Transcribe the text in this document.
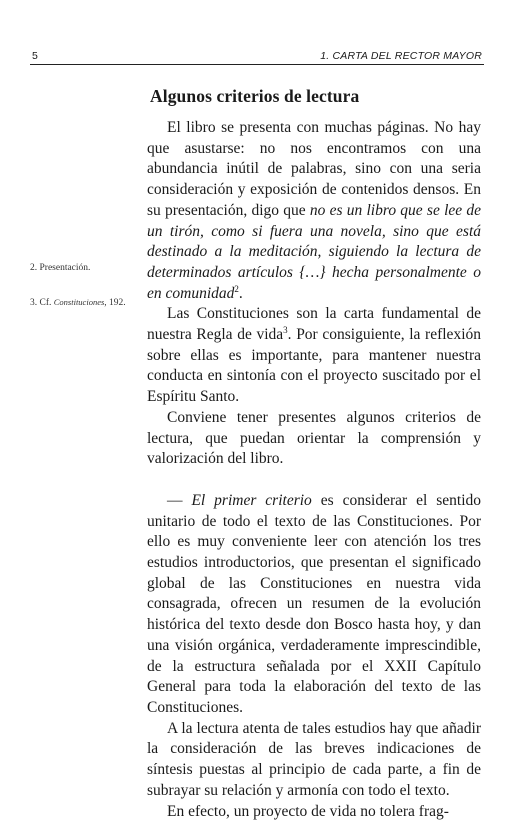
5	1. CARTA DEL RECTOR MAYOR
Algunos criterios de lectura

El libro se presenta con muchas páginas. No hay que asustarse: no nos encontramos con una abundancia inútil de palabras, sino con una seria consideración y exposición de contenidos densos. En su presentación, digo que no es un libro que se lee de un tirón, como si fuera una novela, sino que está destinado a la meditación, siguiendo la lectura de determinados artículos {…} hecha personalmente o en comunidad$^2$.

Las Constituciones son la carta fundamental de nuestra Regla de vida$^3$. Por consiguiente, la reflexión sobre ellas es importante, para mantener nuestra conducta en sintonía con el proyecto suscitado por el Espíritu Santo.

Conviene tener presentes algunos criterios de lectura, que puedan orientar la comprensión y valorización del libro.

— El primer criterio es considerar el sentido unitario de todo el texto de las Constituciones. Por ello es muy conveniente leer con atención los tres estudios introductorios, que presentan el significado global de las Constituciones en nuestra vida consagrada, ofrecen un resumen de la evolución histórica del texto desde don Bosco hasta hoy, y dan una visión orgánica, verdaderamente imprescindible, de la estructura señalada por el XXII Capítulo General para toda la elaboración del texto de las Constituciones.

A la lectura atenta de tales estudios hay que añadir la consideración de las breves indicaciones de síntesis puestas al principio de cada parte, a fin de subrayar su relación y armonía con todo el texto.

En efecto, un proyecto de vida no tolera frag-

2. Presentación.
3. Cf. Constituciones, 192.
